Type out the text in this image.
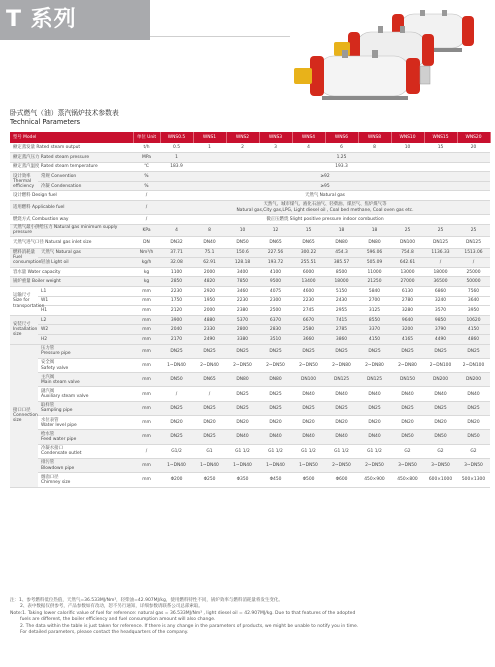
T 系列
卧式燃气（油）蒸汽锅炉技术参数表
Technical Parameters
型号 Model		单位 Unit	WNS0.5	WNS1	WNS2	WNS3	WNS4	WNS6	WNS8	WNS10	WNS15	WNS20
额定蒸发量 Rated steam output		t/h	0.5	1	2	3	4	6	8	10	15	20
额定蒸汽压力 Rated steam pressure		MPa	1	1.25								
额定蒸汽温度 Rated steam temperature		℃	183.9	193.3								
设计效率 Thermal efficiency	常规 Convention	%	≥92									
	冷凝 Condensation	%	≥95									
设计燃料 Design fuel		/	天然气 Natural gas									
适用燃料 Applicable fuel		/	天然气、城市煤气、液化石油气、轻柴油、煤层气、焦炉煤气等
Natural gas,City gas,LPG, Light diesel oil , Coal bed methane, Coal oven gas etc.									
燃烧方式 Combustion way		/	微正压燃烧 Slight positive pressure indoor combustion									
天然气最小供给压力 Natural gas minimum supply pressure		KPa	4	8	10	12	15	18	18	25	25	25
天然气进气口径 Natural gas inlet size		DN	DN32	DN40	DN50	DN65	DN65	DN80	DN80	DN100	DN125	DN125
燃料消耗量 Fuel consumption	天然气 Natural gas	Nm³/h	37.71	75.1	150.6	227.56	300.22	454.3	596.06	754.8	1136.33	1513.06
	轻油 Light oil	kg/h	32.08	62.91	128.18	193.72	255.51	385.57	505.09	642.61	/	/
容水量 Water capacity		kg	1100	2000	3400	4100	6000	8500	11000	13000	18000	25000
锅炉重量 Boiler weight		kg	2850	4820	7850	9500	13400	18000	21250	27000	36500	50000
运输尺寸
Size for transportation	L1	mm	2230	2920	3460	4075	4600	5150	5840	6130	6860	7560
	W1	mm	1750	1950	2230	2300	2230	2430	2700	2780	3240	3640
	H1	mm	2120	2000	2380	2500	2745	2955	3125	3280	3570	3950
安装尺寸
Installation size	L2	mm	3900	4880	5370	6370	6670	7415	8550	9640	9850	10620
	W2	mm	2040	2330	2800	2830	2580	2785	3370	3200	3790	4150
	H2	mm	2170	2490	3380	3510	3660	3860	4150	4165	4490	4860
接口口径
Connection size	压力管
Pressure pipe	mm	DN25	DN25	DN25	DN25	DN25	DN25	DN25	DN25	DN25	DN25
	安全阀
Safety valve	mm	1~DN40	2~DN40	2~DN50	2~DN50	2~DN50	2~DN80	2~DN80	2~DN80	2~DN100	2~DN100
	主汽阀
Main steam valve	mm	DN50	DN65	DN80	DN80	DN100	DN125	DN125	DN150	DN200	DN200
	副汽阀
Auxiliary steam valve	mm	/	/	DN25	DN25	DN40	DN40	DN40	DN40	DN40	DN40
	取样管
Sampling pipe	mm	DN25	DN25	DN25	DN25	DN25	DN25	DN25	DN25	DN25	DN25
	水位表管
Water level pipe	mm	DN20	DN20	DN20	DN20	DN20	DN20	DN20	DN20	DN20	DN20
	给水管
Feed water pipe	mm	DN25	DN25	DN40	DN40	DN40	DN40	DN40	DN50	DN50	DN50
	冷凝水接口
Condensate outlet	/	G1/2	G1	G1 1/2	G1 1/2	G1 1/2	G1 1/2	G1 1/2	G2	G2	G2
	排污管
Blowdown pipe	mm	1~DN40	1~DN40	1~DN40	1~DN40	1~DN50	2~DN50	2~DN50	3~DN50	3~DN50	3~DN50
	烟囱口径
Chimney size	mm	Φ200	Φ250	Φ350	Φ450	Φ500	Φ600	450×900	450×800	600×1000	500×1300
注：1、参考燃料低位热值，天然气=36.533MJ/Nm³，轻柴油=42.907MJ/kg，使用燃料特性不同，锅炉效率与燃料消耗量将发生变化。
2、表中数据仅供参考，产品参数如有改动，恕不另行通知，详细参数请联系公司总部索取。
Note:1. Taking lower calorific value of fuel for reference: natural gas = 36.533MJ/Nm³ , light diesel oil = 42.907MJ/kg. Due to that features of the adopted
fuels are different, the boiler efficiency and fuel consumption amount will also change.
2. The data within the table is just taken for reference. If there is any change in the parameters of products, we might be unable to notify you in time.
For detailed parameters, please contact the headquarters of the company.
